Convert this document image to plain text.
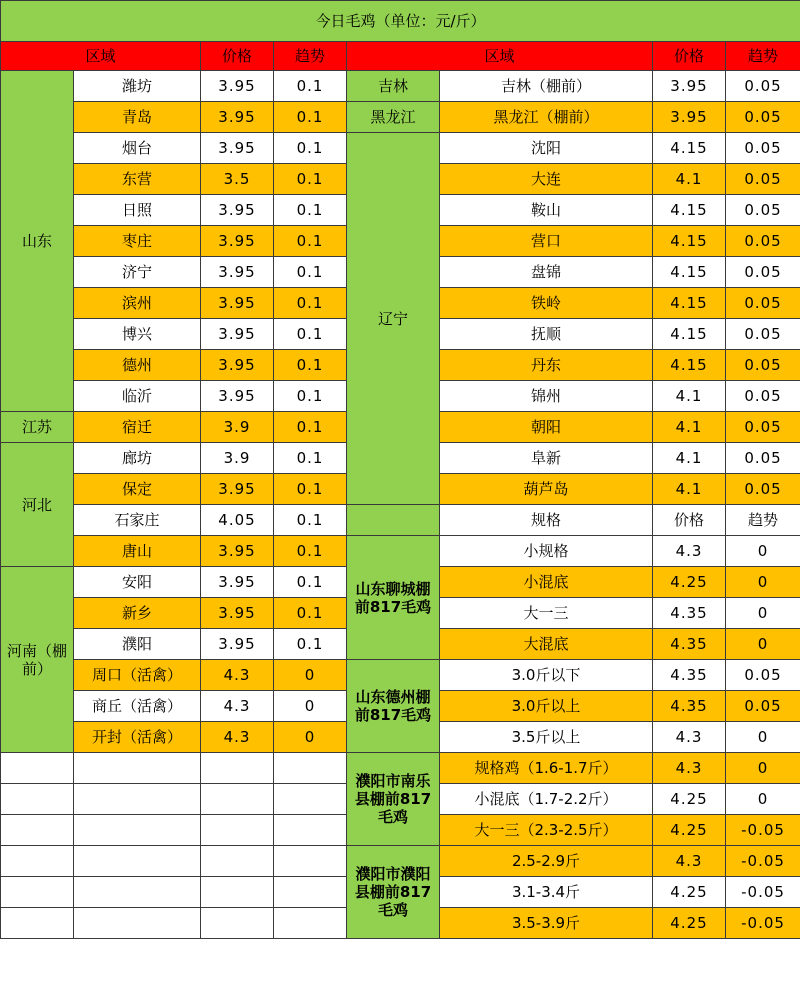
今日毛鸡（单位：元/斤）							
区域		价格	趋势	区域		价格	趋势
山东	潍坊	3.95	0.1	吉林	吉林（棚前）	3.95	0.05
	青岛	3.95	0.1	黑龙江	黑龙江（棚前）	3.95	0.05
	烟台	3.95	0.1	辽宁	沈阳	4.15	0.05
	东营	3.5	0.1		大连	4.1	0.05
	日照	3.95	0.1		鞍山	4.15	0.05
	枣庄	3.95	0.1		营口	4.15	0.05
	济宁	3.95	0.1		盘锦	4.15	0.05
	滨州	3.95	0.1		铁岭	4.15	0.05
	博兴	3.95	0.1		抚顺	4.15	0.05
	德州	3.95	0.1		丹东	4.15	0.05
	临沂	3.95	0.1		锦州	4.1	0.05
江苏	宿迁	3.9	0.1		朝阳	4.1	0.05
河北	廊坊	3.9	0.1		阜新	4.1	0.05
	保定	3.95	0.1		葫芦岛	4.1	0.05
	石家庄	4.05	0.1		规格	价格	趋势
	唐山	3.95	0.1	山东聊城棚前817毛鸡	小规格	4.3	0
河南（棚前）	安阳	3.95	0.1		小混底	4.25	0
	新乡	3.95	0.1		大一三	4.35	0
	濮阳	3.95	0.1		大混底	4.35	0
	周口（活禽）	4.3	0	山东德州棚前817毛鸡	3.0斤以下	4.35	0.05
	商丘（活禽）	4.3	0		3.0斤以上	4.35	0.05
	开封（活禽）	4.3	0		3.5斤以上	4.3	0
				濮阳市南乐县棚前817毛鸡	规格鸡（1.6-1.7斤）	4.3	0
					小混底（1.7-2.2斤）	4.25	0
					大一三（2.3-2.5斤）	4.25	-0.05
				濮阳市濮阳县棚前817毛鸡	2.5-2.9斤	4.3	-0.05
					3.1-3.4斤	4.25	-0.05
					3.5-3.9斤	4.25	-0.05
